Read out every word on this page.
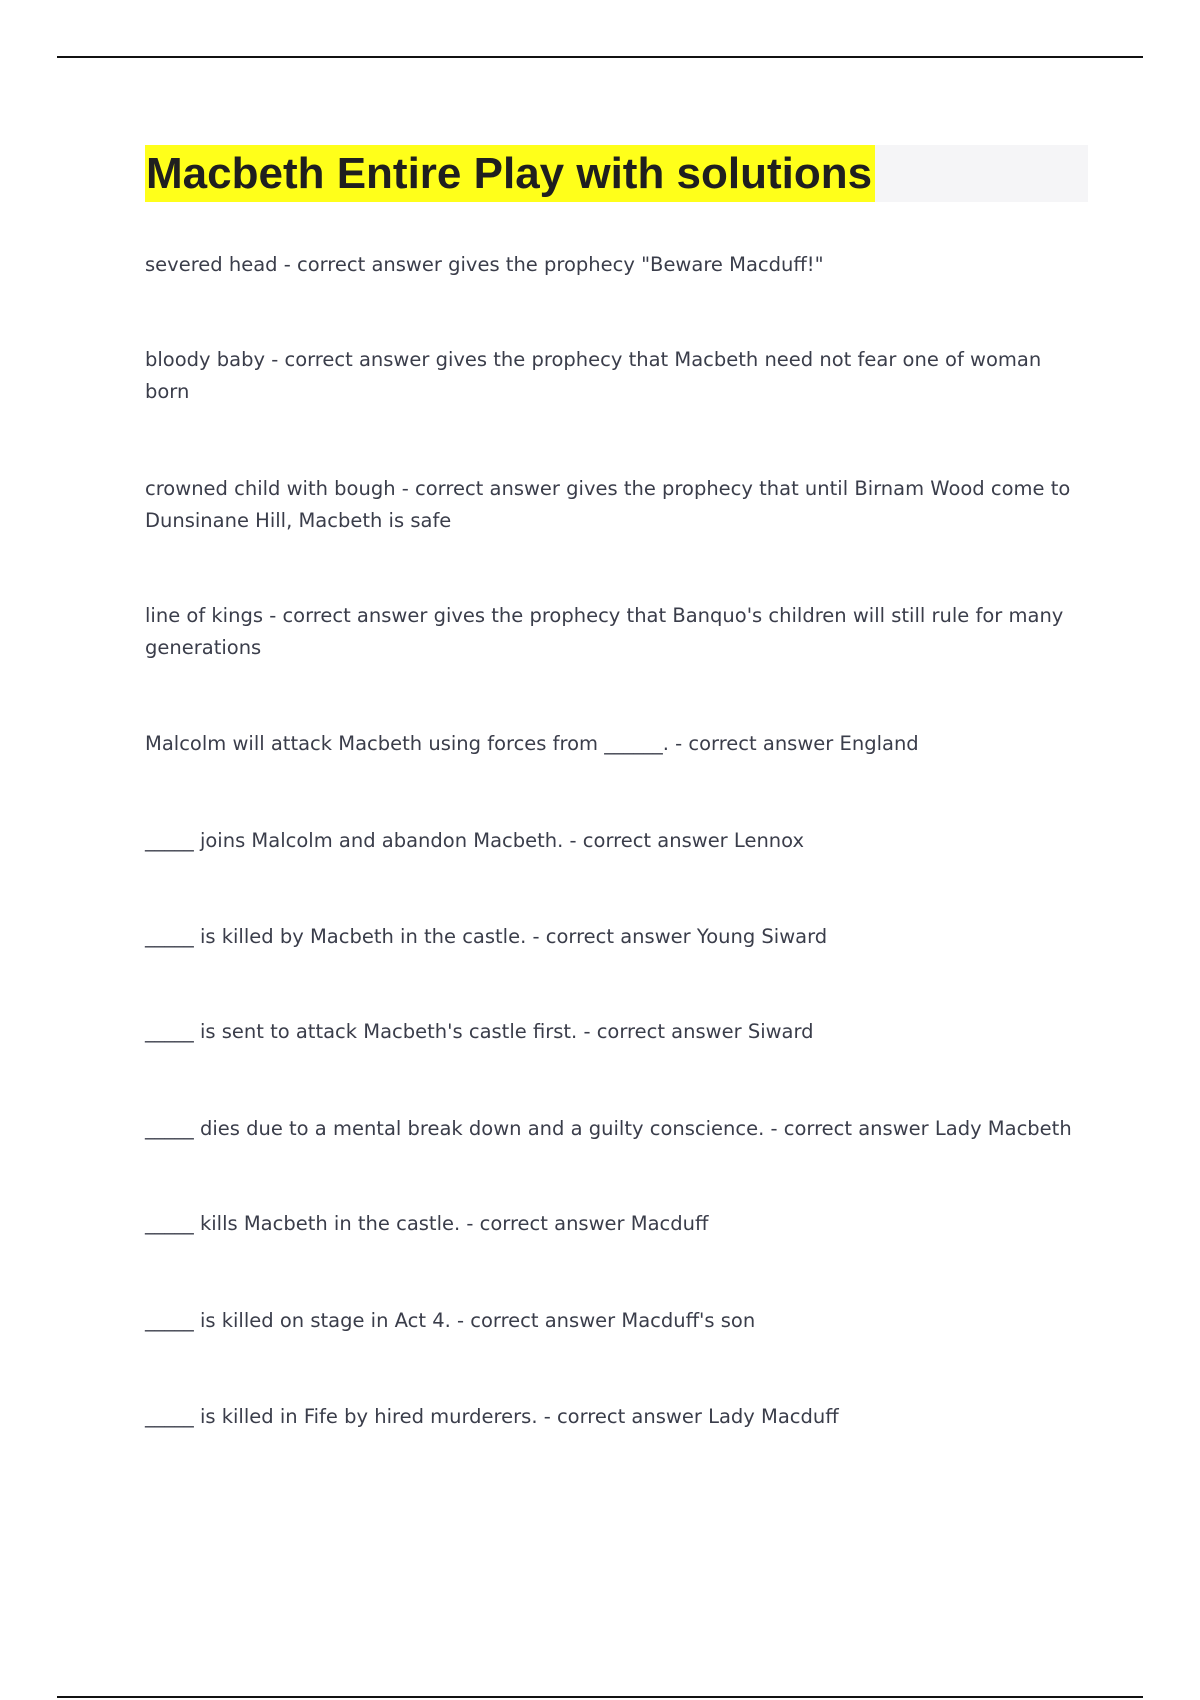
Macbeth Entire Play with solutions
severed head - correct answer gives the prophecy "Beware Macduff!"
bloody baby - correct answer gives the prophecy that Macbeth need not fear one of woman born
crowned child with bough - correct answer gives the prophecy that until Birnam Wood come to Dunsinane Hill, Macbeth is safe
line of kings - correct answer gives the prophecy that Banquo's children will still rule for many generations
Malcolm will attack Macbeth using forces from ______. - correct answer England
_____ joins Malcolm and abandon Macbeth. - correct answer Lennox
_____ is killed by Macbeth in the castle. - correct answer Young Siward
_____ is sent to attack Macbeth's castle first. - correct answer Siward
_____ dies due to a mental break down and a guilty conscience. - correct answer Lady Macbeth
_____ kills Macbeth in the castle. - correct answer Macduff
_____ is killed on stage in Act 4. - correct answer Macduff's son
_____ is killed in Fife by hired murderers. - correct answer Lady Macduff
